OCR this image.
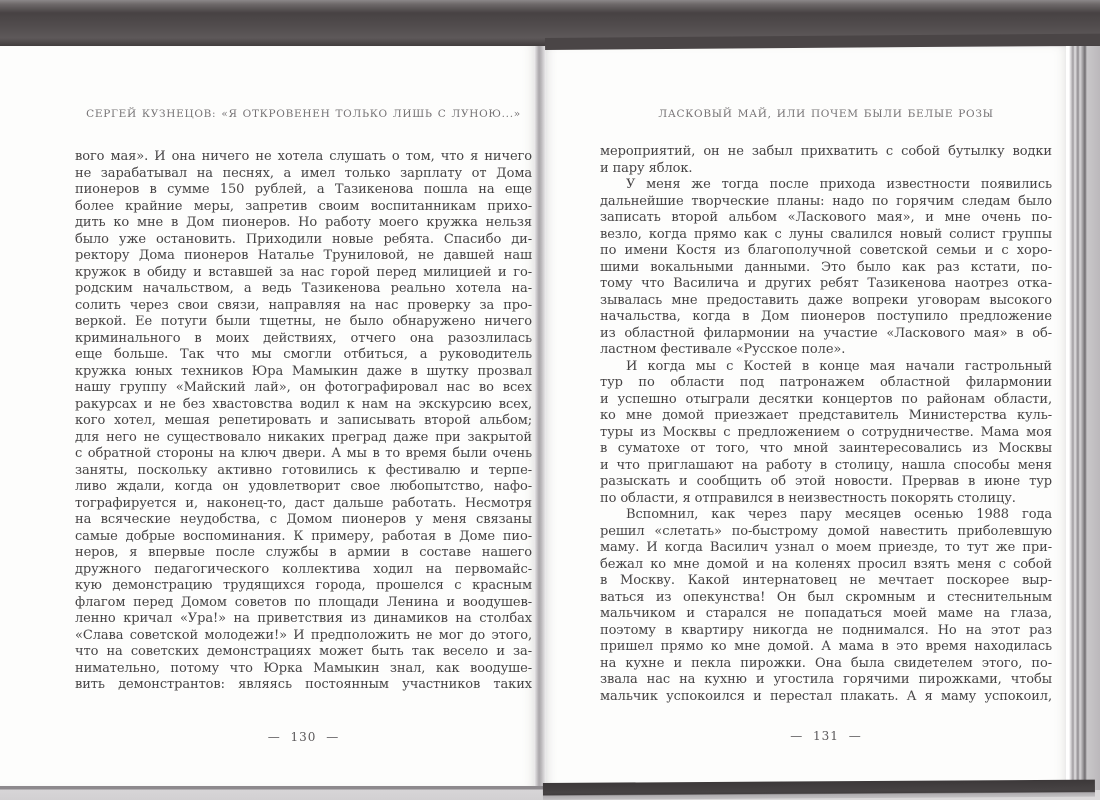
СЕРГЕЙ КУЗНЕЦОВ: «Я ОТКРОВЕНЕН ТОЛЬКО ЛИШЬ С ЛУНОЮ...»
вого мая». И она ничего не хотела слушать о том, что я ничего
не зарабатывал на песнях, а имел только зарплату от Дома
пионеров в сумме 150 рублей, а Тазикенова пошла на еще
более крайние меры, запретив своим воспитанникам прихо-
дить ко мне в Дом пионеров. Но работу моего кружка нельзя
было уже остановить. Приходили новые ребята. Спасибо ди-
ректору Дома пионеров Наталье Труниловой, не давшей наш
кружок в обиду и вставшей за нас горой перед милицией и го-
родским начальством, а ведь Тазикенова реально хотела на-
солить через свои связи, направляя на нас проверку за про-
веркой. Ее потуги были тщетны, не было обнаружено ничего
криминального в моих действиях, отчего она разозлилась
еще больше. Так что мы смогли отбиться, а руководитель
кружка юных техников Юра Мамыкин даже в шутку прозвал
нашу группу «Майский лай», он фотографировал нас во всех
ракурсах и не без хвастовства водил к нам на экскурсию всех,
кого хотел, мешая репетировать и записывать второй альбом;
для него не существовало никаких преград даже при закрытой
с обратной стороны на ключ двери. А мы в то время были очень
заняты, поскольку активно готовились к фестивалю и терпе-
ливо ждали, когда он удовлетворит свое любопытство, нафо-
тографируется и, наконец-то, даст дальше работать. Несмотря
на всяческие неудобства, с Домом пионеров у меня связаны
самые добрые воспоминания. К примеру, работая в Доме пио-
неров, я впервые после службы в армии в составе нашего
дружного педагогического коллектива ходил на первомайс-
кую демонстрацию трудящихся города, прошелся с красным
флагом перед Домом советов по площади Ленина и воодушев-
ленно кричал «Ура!» на приветствия из динамиков на столбах
«Слава советской молодежи!» И предположить не мог до этого,
что на советских демонстрациях может быть так весело и за-
нимательно, потому что Юрка Мамыкин знал, как воодуше-
вить демонстрантов: являясь постоянным участников таких
— 130 —
ЛАСКОВЫЙ МАЙ, ИЛИ ПОЧЕМ БЫЛИ БЕЛЫЕ РОЗЫ
мероприятий, он не забыл прихватить с собой бутылку водки
и пару яблок.
У меня же тогда после прихода известности появились
дальнейшие творческие планы: надо по горячим следам было
записать второй альбом «Ласкового мая», и мне очень по-
везло, когда прямо как с луны свалился новый солист группы
по имени Костя из благополучной советской семьи и с хоро-
шими вокальными данными. Это было как раз кстати, по-
тому что Василича и других ребят Тазикенова наотрез отка-
зывалась мне предоставить даже вопреки уговорам высокого
начальства, когда в Дом пионеров поступило предложение
из областной филармонии на участие «Ласкового мая» в об-
ластном фестивале «Русское поле».
И когда мы с Костей в конце мая начали гастрольный
тур по области под патронажем областной филармонии
и успешно отыграли десятки концертов по районам области,
ко мне домой приезжает представитель Министерства куль-
туры из Москвы с предложением о сотрудничестве. Мама моя
в суматохе от того, что мной заинтересовались из Москвы
и что приглашают на работу в столицу, нашла способы меня
разыскать и сообщить об этой новости. Прервав в июне тур
по области, я отправился в неизвестность покорять столицу.
Вспомнил, как через пару месяцев осенью 1988 года
решил «слетать» по-быстрому домой навестить приболевшую
маму. И когда Василич узнал о моем приезде, то тут же при-
бежал ко мне домой и на коленях просил взять меня с собой
в Москву. Какой интернатовец не мечтает поскорее выр-
ваться из опекунства! Он был скромным и стеснительным
мальчиком и старался не попадаться моей маме на глаза,
поэтому в квартиру никогда не поднимался. Но на этот раз
пришел прямо ко мне домой. А мама в это время находилась
на кухне и пекла пирожки. Она была свидетелем этого, по-
звала нас на кухню и угостила горячими пирожками, чтобы
мальчик успокоился и перестал плакать. А я маму успокоил,
— 131 —
